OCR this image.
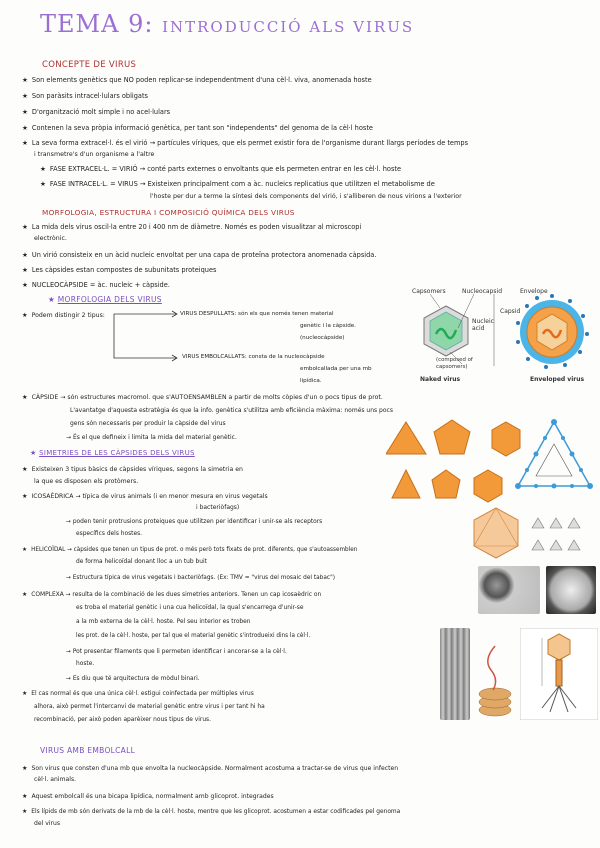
TEMA 9: INTRODUCCIÓ ALS VIRUS
CONCEPTE DE VIRUS
★ Son elements genètics que NO poden replicar-se independentment d'una cèl·l. viva, anomenada hoste
★ Son paràsits intracel·lulars obligats
★ D'organització molt simple i no acel·lulars
★ Contenen la seva pròpia informació genètica, per tant son "independents" del genoma de la cèl·l hoste
★ La seva forma extracel·l. és el virió → partícules víriques, que els permet existir fora de l'organisme durant llargs períodes de temps
i transmetre's d'un organisme a l'altre
★ FASE EXTRACEL·L. = VIRIÓ → conté parts externes o envoltants que els permeten entrar en les cèl·l. hoste
★ FASE INTRACEL·L. = VIRUS → Existeixen principalment com a àc. nucleics replicatius que utilitzen el metabolisme de
l'hoste per dur a terme la síntesi dels components del virió, i s'alliberen de nous virions a l'exterior
MORFOLOGIA, ESTRUCTURA I COMPOSICIÓ QUÍMICA DELS VIRUS
★ La mida dels virus oscil·la entre 20 i 400 nm de diàmetre. Només es poden visualitzar al microscopi
electrònic.
★ Un virió consisteix en un àcid nucleic envoltat per una capa de proteïna protectora anomenada càpsida.
★ Les càpsides estan compostes de subunitats proteiques
★ NUCLEOCÀPSIDE = àc. nucleic + càpside.
★ MORFOLOGIA DELS VIRUS
★ Podem distingir 2 tipus:	VIRUS DESPULLATS: són els que només tenen material
genètic i la càpside.
(nucleocàpside)
VIRUS EMBOLCALLATS: consta de la nucleocàpside
embolcallada per una mb
lipídica.
Capsomers	Nucleocapsid	Envelope
Nucleic acid
Capsid
(composed of capsomers)
Naked virus	Enveloped virus
★ CÀPSIDE → són estructures macromol. que s'AUTOENSAMBLEN a partir de molts còpies d'un o pocs tipus de prot.
L'avantatge d'aquesta estratègia és que la info. genètica s'utilitza amb eficiència màxima: només uns pocs
gens són necessaris per produir la càpside del virus
→ És el que defineix i limita la mida del material genètic.
★ SIMETRIES DE LES CÀPSIDES DELS VIRUS
★ Existeixen 3 tipus bàsics de càpsides víriques, segons la simetria en
la que es disposen els protòmers.
★ ICOSAÈDRICA → típica de virus animals (i en menor mesura en virus vegetals
i bacteriòfags)
→ poden tenir protrusions proteiques que utilitzen per identificar i unir-se als receptors
específics dels hostes.
★ HELICOÏDAL → càpsides que tenen un tipus de prot. o més però tots fixats de prot. diferents, que s'autoassemblen
de forma helicoïdal donant lloc a un tub buit
→ Estructura típica de virus vegetals i bacteriòfags. (Ex: TMV = "virus del mosaic del tabac")
★ COMPLEXA → resulta de la combinació de les dues simetries anteriors. Tenen un cap icosaèdric on
es troba el material genètic i una cua helicoïdal, la qual s'encarrega d'unir-se
a la mb externa de la cèl·l. hoste. Pel seu interior es troben
les prot. de la cèl·l. hoste, per tal que el material genètic s'introdueixi dins la cèl·l.
→ Pot presentar filaments que li permeten identificar i ancorar-se a la cèl·l.
hoste.
→ Es diu que té arquitectura de mòdul binari.
★ El cas normal és que una única cèl·l. estigui coinfectada per múltiples virus
alhora, això permet l'intercanvi de material genètic entre virus i per tant hi ha
recombinació, per això poden aparèixer nous tipus de virus.
VIRUS AMB EMBOLCALL
★ Son virus que consten d'una mb que envolta la nucleocàpside. Normalment acostuma a tractar-se de virus que infecten
cèl·l. animals.
★ Aquest embolcall és una bicapa lipídica, normalment amb glicoprot. integrades
★ Els lípids de mb són derivats de la mb de la cèl·l. hoste, mentre que les glicoprot. acostumen a estar codificades pel genoma
del virus
